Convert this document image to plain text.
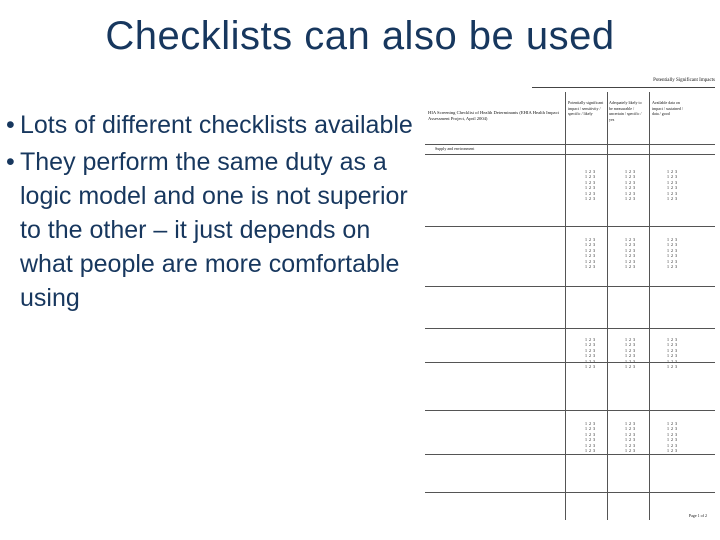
Checklists can also be used
• Lots of different checklists available
• They perform the same duty as a logic model and one is not superior to the other – it just depends on what people are more comfortable using
Potentially Significant Impacts
HIA Screening Checklist of Health Determinants (EHIA Health Impact Assessment Project, April 2004)
Potentially significant impact / sensitivity / specific / likely
Adequately likely to be measurable / uncertain / specific / yes
Available data on impact / sustained / data / good
Supply and environment
1  2  3
1  2  3
1  2  3
1  2  3
1  2  3
1  2  3
1  2  3
1  2  3
1  2  3
1  2  3
1  2  3
1  2  3
1  2  3
1  2  3
1  2  3
1  2  3
1  2  3
1  2  3
1  2  3
1  2  3
1  2  3
1  2  3
1  2  3
1  2  3
1  2  3
1  2  3
1  2  3
1  2  3
1  2  3
1  2  3
1  2  3
1  2  3
1  2  3
1  2  3
1  2  3
1  2  3
1  2  3
1  2  3
1  2  3
1  2  3
1  2  3
1  2  3
1  2  3
1  2  3
1  2  3
1  2  3
1  2  3
1  2  3
1  2  3
1  2  3
1  2  3
1  2  3
1  2  3
1  2  3
1  2  3
1  2  3
1  2  3
1  2  3
1  2  3
1  2  3
1  2  3
1  2  3
1  2  3
1  2  3
1  2  3
1  2  3
1  2  3
1  2  3
1  2  3
1  2  3
1  2  3
1  2  3
Page 1 of 2
